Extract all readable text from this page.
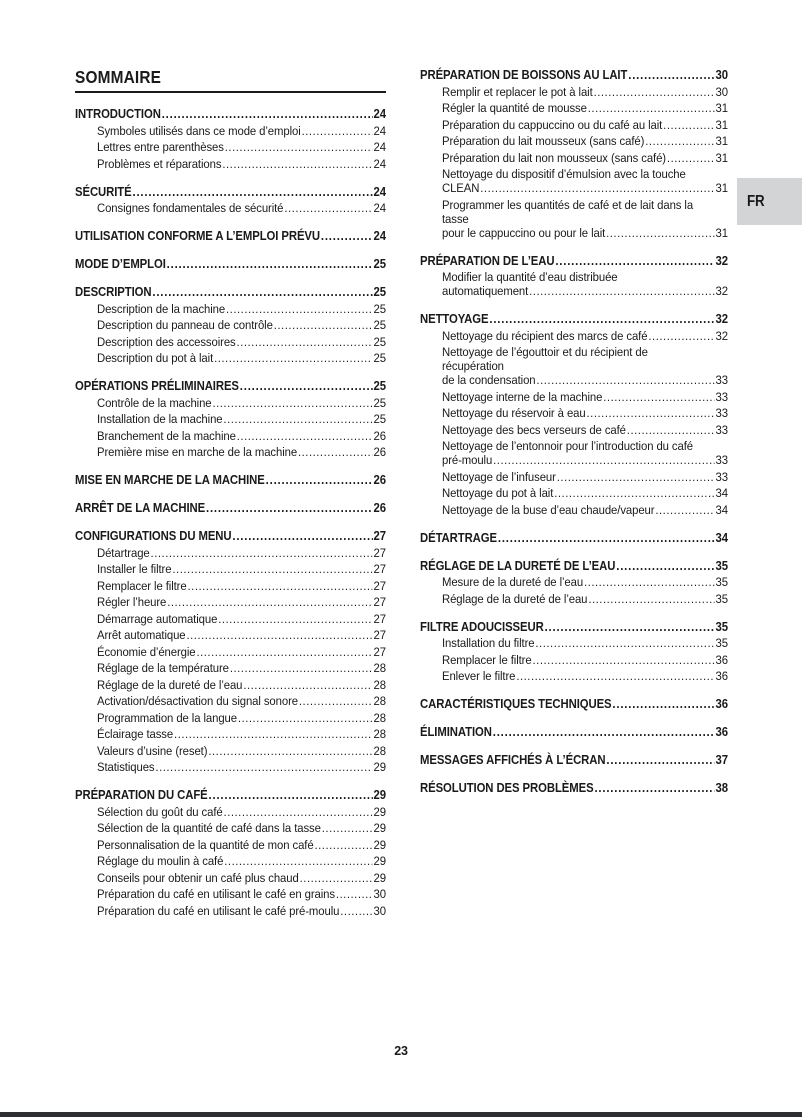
FR
SOMMAIRE
INTRODUCTION .....	24
Symboles utilisés dans ce mode d’emploi .....	24
Lettres entre parenthèses .....	24
Problèmes et réparations .....	24
SÉCURITÉ .....	24
Consignes fondamentales de sécurité .....	24
UTILISATION CONFORME A L’EMPLOI PRÉVU .....	24
MODE D’EMPLOI .....	25
DESCRIPTION .....	25
Description de la machine .....	25
Description du panneau de contrôle .....	25
Description des accessoires .....	25
Description du pot à lait .....	25
OPÉRATIONS PRÉLIMINAIRES .....	25
Contrôle de la machine .....	25
Installation de la machine .....	25
Branchement de la machine .....	26
Première mise en marche de la machine .....	26
MISE EN MARCHE DE LA MACHINE .....	26
ARRÊT DE LA MACHINE .....	26
CONFIGURATIONS DU MENU .....	27
Détartrage .....	27
Installer le filtre .....	27
Remplacer le filtre .....	27
Régler l’heure .....	27
Démarrage automatique .....	27
Arrêt automatique .....	27
Économie d’énergie .....	27
Réglage de la température .....	28
Réglage de la dureté de l’eau .....	28
Activation/désactivation du signal sonore .....	28
Programmation de la langue .....	28
Éclairage tasse .....	28
Valeurs d’usine (reset) .....	28
Statistiques .....	29
PRÉPARATION DU CAFÉ .....	29
Sélection du goût du café .....	29
Sélection de la quantité de café dans la tasse .....	29
Personnalisation de la quantité de mon café .....	29
Réglage du moulin à café .....	29
Conseils pour obtenir un café plus chaud .....	29
Préparation du café en utilisant le café en grains .....	30
Préparation du café en utilisant le café pré-moulu .....	30
PRÉPARATION DE BOISSONS AU LAIT .....	30
Remplir et replacer le pot à lait .....	30
Régler la quantité de mousse .....	31
Préparation du cappuccino ou du café au lait .....	31
Préparation du lait mousseux (sans café) .....	31
Préparation du lait non mousseux (sans café) .....	31
Nettoyage du dispositif d’émulsion avec la touche
CLEAN .....	31
Programmer les quantités de café et de lait dans la tasse
pour le cappuccino ou pour le lait .....	31
PRÉPARATION DE L’EAU .....	32
Modifier la quantité d’eau distribuée
automatiquement .....	32
NETTOYAGE .....	32
Nettoyage du récipient des marcs de café .....	32
Nettoyage de l’égouttoir et du récipient de récupération
de la condensation .....	33
Nettoyage interne de la machine .....	33
Nettoyage du réservoir à eau .....	33
Nettoyage des becs verseurs de café .....	33
Nettoyage de l’entonnoir pour l’introduction du café
pré-moulu .....	33
Nettoyage de l’infuseur .....	33
Nettoyage du pot à lait .....	34
Nettoyage de la buse d’eau chaude/vapeur .....	34
DÉTARTRAGE .....	34
RÉGLAGE DE LA DURETÉ DE L’EAU .....	35
Mesure de la dureté de l’eau .....	35
Réglage de la dureté de l’eau .....	35
FILTRE ADOUCISSEUR .....	35
Installation du filtre .....	35
Remplacer le filtre .....	36
Enlever le filtre .....	36
CARACTÉRISTIQUES TECHNIQUES .....	36
ÉLIMINATION .....	36
MESSAGES AFFICHÉS À L’ÉCRAN .....	37
RÉSOLUTION DES PROBLÈMES .....	38
23
